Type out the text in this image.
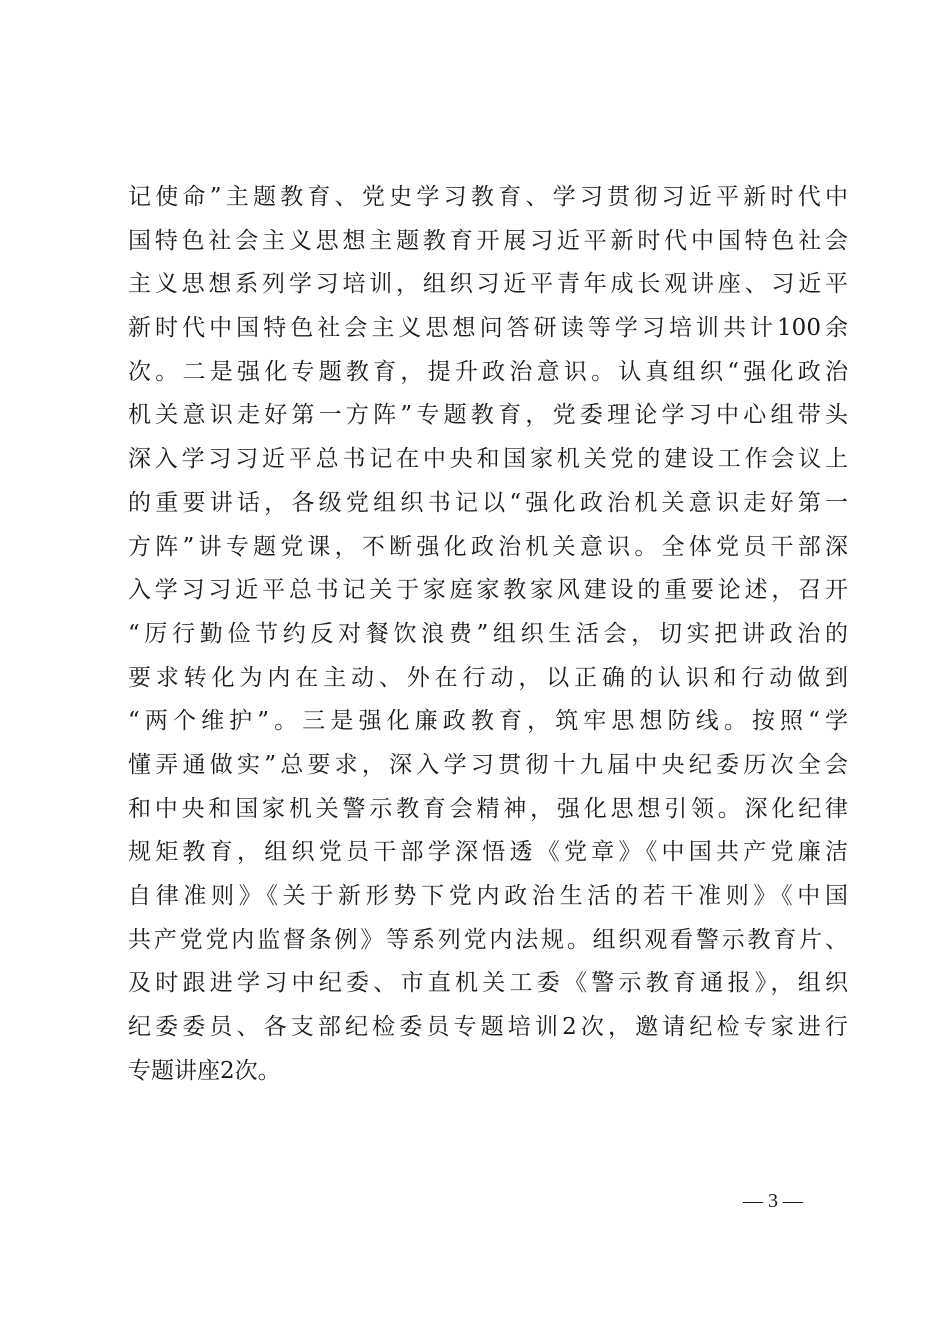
记使命”主题教育、党史学习教育、学习贯彻习近平新时代中
国特色社会主义思想主题教育开展习近平新时代中国特色社会
主义思想系列学习培训，组织习近平青年成长观讲座、习近平
新时代中国特色社会主义思想问答研读等学习培训共计100余
次。二是强化专题教育，提升政治意识。认真组织“强化政治
机关意识走好第一方阵”专题教育，党委理论学习中心组带头
深入学习习近平总书记在中央和国家机关党的建设工作会议上
的重要讲话，各级党组织书记以“强化政治机关意识走好第一
方阵”讲专题党课，不断强化政治机关意识。全体党员干部深
入学习习近平总书记关于家庭家教家风建设的重要论述，召开
“厉行勤俭节约反对餐饮浪费”组织生活会，切实把讲政治的
要求转化为内在主动、外在行动，以正确的认识和行动做到
“两个维护”。三是强化廉政教育，筑牢思想防线。按照“学
懂弄通做实”总要求，深入学习贯彻十九届中央纪委历次全会
和中央和国家机关警示教育会精神，强化思想引领。深化纪律
规矩教育，组织党员干部学深悟透《党章》《中国共产党廉洁
自律准则》《关于新形势下党内政治生活的若干准则》《中国
共产党党内监督条例》等系列党内法规。组织观看警示教育片、
及时跟进学习中纪委、市直机关工委《警示教育通报》，组织
纪委委员、各支部纪检委员专题培训2次，邀请纪检专家进行
专题讲座2次。
— 3 —
